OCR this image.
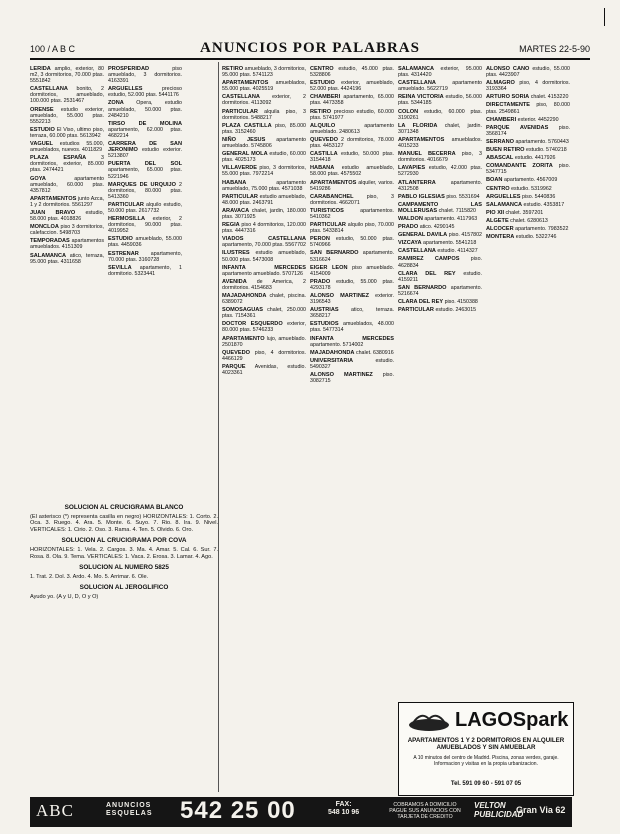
100 / A B C	ANUNCIOS POR PALABRAS	MARTES 22-5-90
LERIDA amplio, exterior, 80 m2, 3 dormitorios, 70.000 ptas. 5551842
CASTELLANA bonito, 2 dormitorios, amueblado, 100.000 ptas. 2531467
ORENSE estudio exterior, amueblado, 55.000 ptas. 5552213
ESTUDIO El Viso, ultimo piso, terraza, 60.000 ptas. 5613942
VAGUEL estudios 55.000, amueblados, nuevos. 4011829
PLAZA ESPAÑA	3 dormitorios, exterior, 85.000 ptas. 2474421
GOYA	apartamento amueblado, 60.000 ptas. 4357812
APARTAMENTOS junto Azca, 1 y 2 dormitorios. 5561297
JUAN BRAVO estudio, 58.000 ptas. 4018826
MONCLOA piso 3 dormitorios, calefaccion. 5498703
TEMPORADAS apartamentos amueblados. 4151309
SALAMANCA atico, terraza, 95.000 ptas. 4311658
PROSPERIDAD	piso amueblado, 3 dormitorios. 4163391
ARGUELLES	precioso estudio, 52.000 ptas. 5441176
ZONA Opera, estudio amueblado, 50.000 ptas. 2484210
TIRSO DE MOLINA apartamento, 62.000 ptas. 4682214
CARRERA DE SAN JERONIMO estudio exterior. 5213807
PUERTA DEL SOL apartamento, 65.000 ptas. 5221946
MARQUES DE URQUIJO 2 dormitorios, 80.000 ptas. 5413360
PARTICULAR alquilo estudio, 50.000 ptas. 2617732
HERMOSILLA exterior, 2 dormitorios, 90.000 ptas. 4019952
ESTUDIO amueblado, 55.000 ptas. 4459036
ESTRENAR apartamento, 70.000 ptas. 3160728
SEVILLA apartamento, 1 dormitorio. 5323441
RETIRO amueblado, 3 dormitorios, 95.000 ptas. 5741123
APARTAMENTOS amueblados, 55.000 ptas. 4025519
CASTELLANA exterior, 2 dormitorios. 4113092
PARTICULAR alquila piso, 3 dormitorios. 5488217
PLAZA CASTILLA piso, 85.000 ptas. 3152460
NIÑO JESUS apartamento amueblado. 5745806
GENERAL MOLA estudio, 60.000 ptas. 4025173
VILLAVERDE piso, 3 dormitorios, 55.000 ptas. 7972214
HABANA	apartamento amueblado, 75.000 ptas. 4571038
PARTICULAR estudio amueblado, 48.000 ptas. 2463791
ARAVACA chalet, jardin, 180.000 ptas. 3071925
REGIA piso 4 dormitorios, 120.000 ptas. 4447316
VIADOS CASTELLANA apartamento, 70.000 ptas. 5567702
ILUSTRES estudio amueblado, 50.000 ptas. 5473008
INFANTA MERCEDES apartamento amueblado. 5707126
AVENIDA de America, 2 dormitorios. 4154683
MAJADAHONDA chalet, piscina. 6389072
SOMOSAGUAS chalet, 250.000 ptas. 7154361
DOCTOR ESQUERDO exterior, 80.000 ptas. 5746233
APARTAMENTO lujo, amueblado. 2501870
QUEVEDO piso, 4 dormitorios. 4466129
PARQUE Avenidas, estudio. 4023361
CENTRO estudio, 45.000 ptas. 5328806
ESTUDIO exterior, amueblado, 52.000 ptas. 4424196
CHAMBERI apartamento, 65.000 ptas. 4473358
RETIRO precioso estudio, 60.000 ptas. 5741977
ALQUILO	apartamento amueblado. 2480613
QUEVEDO 2 dormitorios, 78.000 ptas. 4453127
CASTILLA estudio, 50.000 ptas. 3154418
HABANA estudio amueblado, 58.000 ptas. 4575502
APARTAMENTOS alquiler, varios. 5419286
CARABANCHEL piso, 3 dormitorios. 4662071
TURISTICOS	apartamentos. 5410362
PARTICULAR alquilo piso, 70.000 ptas. 5433814
PERON estudio, 50.000 ptas. 5740966
SAN BERNARDO apartamento. 5316624
EIGER LEON piso amueblado. 4154009
PRADO estudio, 55.000 ptas. 4293178
ALONSO MARTINEZ exterior. 3196543
AUSTRIAS atico, terraza. 3658217
ESTUDIOS amueblados, 48.000 ptas. 5477314
INFANTA MERCEDES apartamento. 5714002
MAJADAHONDA chalet. 6380916
UNIVERSITARIA	estudio. 5490327
ALONSO MARTINEZ piso. 3082715
SALAMANCA exterior, 95.000 ptas. 4314420
CASTELLANA	apartamento amueblado. 5622719
REINA VICTORIA estudio, 56.000 ptas. 5344185
COLON estudio, 60.000 ptas. 3190261
LA FLORIDA chalet, jardin. 3071348
APARTAMENTOS amueblados. 4015233
MANUEL BECERRA piso, 3 dormitorios. 4016679
LAVAPIES estudio, 42.000 ptas. 5272930
ATLANTERRA	apartamento. 4312508
PABLO IGLESIAS piso. 5531694
CAMPAMENTO LAS MOLLERUSAS chalet. 7115820
WALDON apartamento. 4117963
PRADO atico. 4290145
GENERAL DAVILA piso. 4157802
VIZCAYA apartamento. 5541218
CASTELLANA estudio. 4114327
RAMIREZ CAMPOS piso. 4628834
CLARA DEL REY estudio. 4159211
SAN BERNARDO apartamento. 5216674
CLARA DEL REY piso. 4150388
PARTICULAR estudio. 2463015
ALONSO CANO estudio, 55.000 ptas. 4423907
ALMAGRO piso, 4 dormitorios. 3193364
ARTURO SORIA chalet. 4153220
DIRECTAMENTE piso, 80.000 ptas. 2549861
CHAMBERI exterior. 4452290
PARQUE AVENIDAS piso. 3568174
SERRANO apartamento. 5760443
BUEN RETIRO estudio. 5740218
ABASCAL estudio. 4417926
COMANDANTE ZORITA piso. 5347715
BOAN apartamento. 4567009
CENTRO estudio. 5319962
ARGUELLES piso. 5440836
SALAMANCA estudio. 4353817
PIO XII chalet. 3597201
ALGETE chalet. 6280613
ALCOCER apartamento. 7983522
MONTERA estudio. 5322746
SOLUCION AL CRUCIGRAMA BLANCO
(El asterisco (*) representa casilla en negro) HORIZONTALES: 1. Corto. 2. Oca. 3. Ruego. 4. Ara. 5. Monte. 6. Suyo. 7. Rio. 8. Ira. 9. Nivel. VERTICALES: 1. Cirio. 2. Oso. 3. Rama. 4. Ten. 5. Olvido. 6. Oro.
SOLUCION AL CRUCIGRAMA POR COVA
HORIZONTALES: 1. Vela. 2. Cargos. 3. Ma. 4. Amar. 5. Cal. 6. Sur. 7. Rosa. 8. Ola. 9. Tema. VERTICALES: 1. Vaca. 2. Erosa. 3. Lamar. 4. Ago.
SOLUCION AL NUMERO 5825
1. Trat. 2. Dol. 3. Ardo. 4. Mo. 5. Arrimar. 6. Ole.
SOLUCION AL JEROGLIFICO
Ayudo yo. (A y U, D, O y O)
LAGOSpark
APARTAMENTOS 1 Y 2 DORMITORIOS EN ALQUILER AMUEBLADOS Y SIN AMUEBLAR
A 10 minutos del centro de Madrid. Piscina, zonas verdes, garaje. Informacion y visitas en la propia urbanizacion.
Tel. 591 09 60 - 591 07 05
ABC	ANUNCIOS
ESQUELAS 542 25 00	FAX:
548 10 96
COBRAMOS A DOMICILIO PAGUE SUS ANUNCIOS CON TARJETA DE CREDITO
VELTON
PUBLICIDAD
Gran Via 62
